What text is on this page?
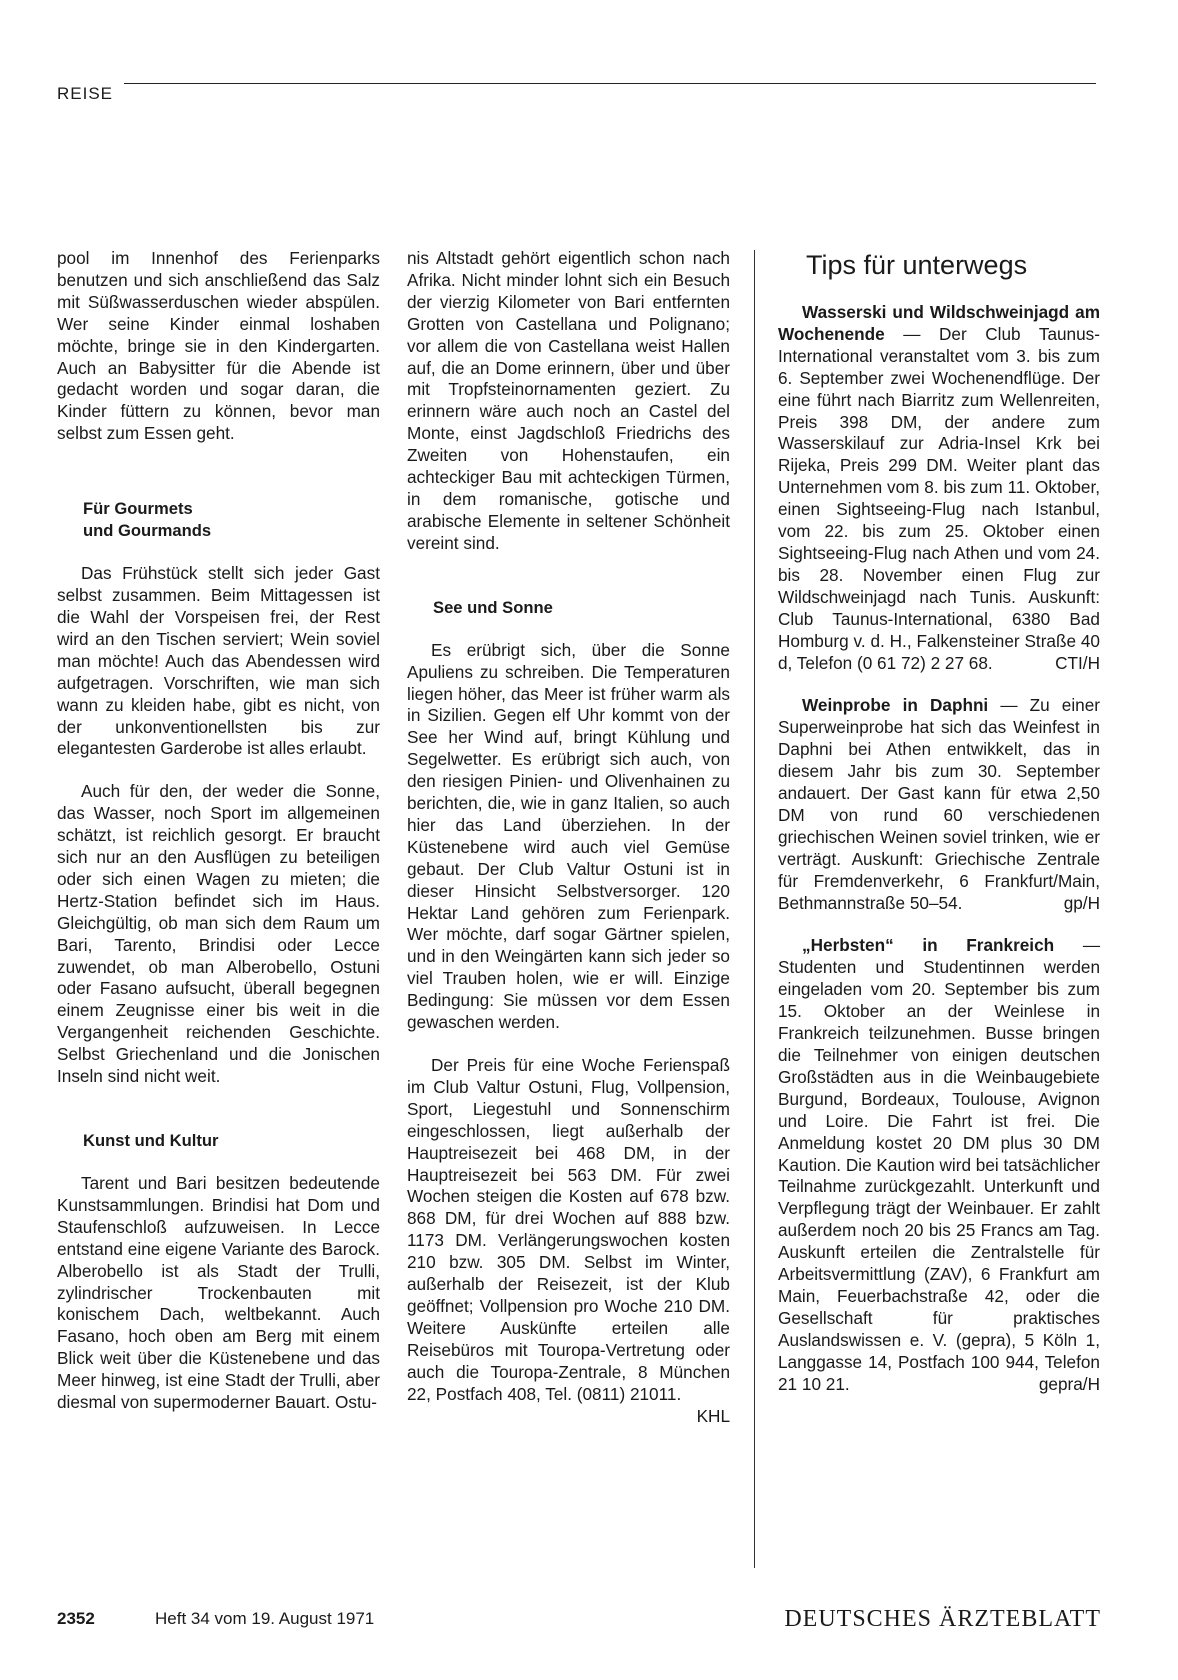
REISE

pool im Innenhof des Ferienparks benutzen und sich anschließend das Salz mit Süßwasserduschen wieder abspülen. Wer seine Kinder einmal loshaben möchte, bringe sie in den Kindergarten. Auch an Babysitter für die Abende ist gedacht worden und sogar daran, die Kinder füttern zu können, bevor man selbst zum Essen geht.

Für Gourmets
und Gourmands

Das Frühstück stellt sich jeder Gast selbst zusammen. Beim Mittagessen ist die Wahl der Vorspeisen frei, der Rest wird an den Tischen serviert; Wein soviel man möchte! Auch das Abendessen wird aufgetragen. Vorschriften, wie man sich wann zu kleiden habe, gibt es nicht, von der unkonventionellsten bis zur elegantesten Garderobe ist alles erlaubt.

Auch für den, der weder die Sonne, das Wasser, noch Sport im allgemeinen schätzt, ist reichlich gesorgt. Er braucht sich nur an den Ausflügen zu beteiligen oder sich einen Wagen zu mieten; die Hertz-Station befindet sich im Haus. Gleichgültig, ob man sich dem Raum um Bari, Tarento, Brindisi oder Lecce zuwendet, ob man Alberobello, Ostuni oder Fasano aufsucht, überall begegnen einem Zeugnisse einer bis weit in die Vergangenheit reichenden Geschichte. Selbst Griechenland und die Jonischen Inseln sind nicht weit.

Kunst und Kultur

Tarent und Bari besitzen bedeutende Kunstsammlungen. Brindisi hat Dom und Staufenschloß aufzuweisen. In Lecce entstand eine eigene Variante des Barock. Alberobello ist als Stadt der Trulli, zylindrischer Trockenbauten mit konischem Dach, weltbekannt. Auch Fasano, hoch oben am Berg mit einem Blick weit über die Küstenebene und das Meer hinweg, ist eine Stadt der Trulli, aber diesmal von supermoderner Bauart. Ostu-

nis Altstadt gehört eigentlich schon nach Afrika. Nicht minder lohnt sich ein Besuch der vierzig Kilometer von Bari entfernten Grotten von Castellana und Polignano; vor allem die von Castellana weist Hallen auf, die an Dome erinnern, über und über mit Tropfsteinornamenten geziert. Zu erinnern wäre auch noch an Castel del Monte, einst Jagdschloß Friedrichs des Zweiten von Hohenstaufen, ein achteckiger Bau mit achteckigen Türmen, in dem romanische, gotische und arabische Elemente in seltener Schönheit vereint sind.

See und Sonne

Es erübrigt sich, über die Sonne Apuliens zu schreiben. Die Temperaturen liegen höher, das Meer ist früher warm als in Sizilien. Gegen elf Uhr kommt von der See her Wind auf, bringt Kühlung und Segelwetter. Es erübrigt sich auch, von den riesigen Pinien- und Olivenhainen zu berichten, die, wie in ganz Italien, so auch hier das Land überziehen. In der Küstenebene wird auch viel Gemüse gebaut. Der Club Valtur Ostuni ist in dieser Hinsicht Selbstversorger. 120 Hektar Land gehören zum Ferienpark. Wer möchte, darf sogar Gärtner spielen, und in den Weingärten kann sich jeder so viel Trauben holen, wie er will. Einzige Bedingung: Sie müssen vor dem Essen gewaschen werden.

Der Preis für eine Woche Ferienspaß im Club Valtur Ostuni, Flug, Vollpension, Sport, Liegestuhl und Sonnenschirm eingeschlossen, liegt außerhalb der Hauptreisezeit bei 468 DM, in der Hauptreisezeit bei 563 DM. Für zwei Wochen steigen die Kosten auf 678 bzw. 868 DM, für drei Wochen auf 888 bzw. 1173 DM. Verlängerungswochen kosten 210 bzw. 305 DM. Selbst im Winter, außerhalb der Reisezeit, ist der Klub geöffnet; Vollpension pro Woche 210 DM. Weitere Auskünfte erteilen alle Reisebüros mit Touropa-Vertretung oder auch die Touropa-Zentrale, 8 München 22, Postfach 408, Tel. (0811) 21011.
KHL

Tips für unterwegs

Wasserski und Wildschweinjagd am Wochenende — Der Club Taunus-International veranstaltet vom 3. bis zum 6. September zwei Wochenendflüge. Der eine führt nach Biarritz zum Wellenreiten, Preis 398 DM, der andere zum Wasserskilauf zur Adria-Insel Krk bei Rijeka, Preis 299 DM. Weiter plant das Unternehmen vom 8. bis zum 11. Oktober, einen Sightseeing-Flug nach Istanbul, vom 22. bis zum 25. Oktober einen Sightseeing-Flug nach Athen und vom 24. bis 28. November einen Flug zur Wildschweinjagd nach Tunis. Auskunft: Club Taunus-International, 6380 Bad Homburg v. d. H., Falkensteiner Straße 40 d, Telefon (0 61 72) 2 27 68.	CTI/H

Weinprobe in Daphni — Zu einer Superweinprobe hat sich das Weinfest in Daphni bei Athen entwikkelt, das in diesem Jahr bis zum 30. September andauert. Der Gast kann für etwa 2,50 DM von rund 60 verschiedenen griechischen Weinen soviel trinken, wie er verträgt. Auskunft: Griechische Zentrale für Fremdenverkehr, 6 Frankfurt/Main, Bethmannstraße 50–54.	gp/H

„Herbsten“ in Frankreich — Studenten und Studentinnen werden eingeladen vom 20. September bis zum 15. Oktober an der Weinlese in Frankreich teilzunehmen. Busse bringen die Teilnehmer von einigen deutschen Großstädten aus in die Weinbaugebiete Burgund, Bordeaux, Toulouse, Avignon und Loire. Die Fahrt ist frei. Die Anmeldung kostet 20 DM plus 30 DM Kaution. Die Kaution wird bei tatsächlicher Teilnahme zurückgezahlt. Unterkunft und Verpflegung trägt der Weinbauer. Er zahlt außerdem noch 20 bis 25 Francs am Tag. Auskunft erteilen die Zentralstelle für Arbeitsvermittlung (ZAV), 6 Frankfurt am Main, Feuerbachstraße 42, oder die Gesellschaft für praktisches Auslandswissen e. V. (gepra), 5 Köln 1, Langgasse 14, Postfach 100 944, Telefon 21 10 21.	gepra/H

2352	Heft 34 vom 19. August 1971	DEUTSCHES ÄRZTEBLATT
